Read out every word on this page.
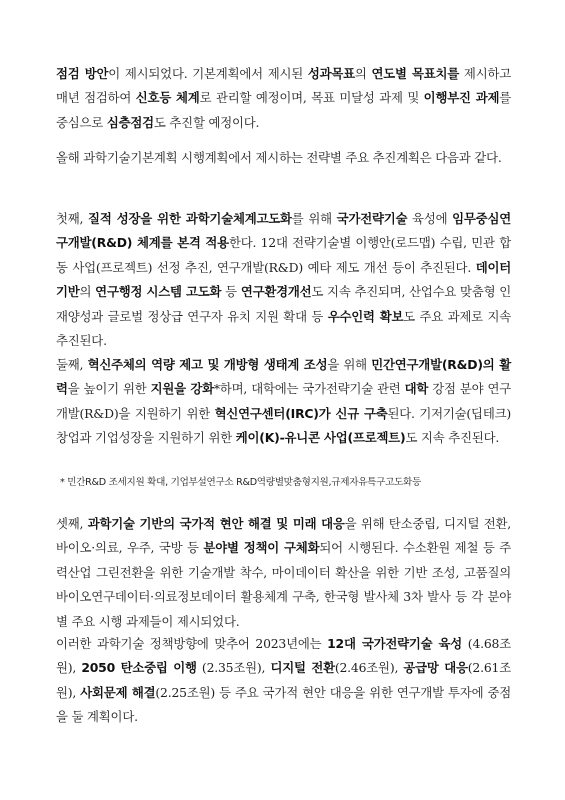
점검 방안이 제시되었다. 기본계획에서 제시된 성과목표의 연도별 목표치를 제시하고 매년 점검하여 신호등 체계로 관리할 예정이며, 목표 미달성 과제 및 이행부진 과제를 중심으로 심층점검도 추진할 예정이다.

올해 과학기술기본계획 시행계획에서 제시하는 전략별 주요 추진계획은 다음과 같다.

첫째, 질적 성장을 위한 과학기술체계고도화를 위해 국가전략기술 육성에 임무중심연구개발(R&D) 체계를 본격 적용한다. 12대 전략기술별 이행안(로드맵) 수립, 민관 합동 사업(프로젝트) 선정 추진, 연구개발(R&D) 예타 제도 개선 등이 추진된다. 데이터기반의 연구행정 시스템 고도화 등 연구환경개선도 지속 추진되며, 산업수요 맞춤형 인재양성과 글로벌 정상급 연구자 유치 지원 확대 등 우수인력 확보도 주요 과제로 지속 추진된다.

둘째, 혁신주체의 역량 제고 및 개방형 생태계 조성을 위해 민간연구개발(R&D)의 활력을 높이기 위한 지원을 강화*하며, 대학에는 국가전략기술 관련 대학 강점 분야 연구개발(R&D)을 지원하기 위한 혁신연구센터(IRC)가 신규 구축된다. 기저기술(딥테크) 창업과 기업성장을 지원하기 위한 케이(K)-유니콘 사업(프로젝트)도 지속 추진된다.

* 민간R&D 조세지원 확대, 기업부설연구소 R&D역량별맞춤형지원,규제자유특구고도화등

셋째, 과학기술 기반의 국가적 현안 해결 및 미래 대응을 위해 탄소중립, 디지털 전환, 바이오·의료, 우주, 국방 등 분야별 정책이 구체화되어 시행된다. 수소환원 제철 등 주력산업 그린전환을 위한 기술개발 착수, 마이데이터 확산을 위한 기반 조성, 고품질의 바이오연구데이터·의료정보데이터 활용체계 구축, 한국형 발사체 3차 발사 등 각 분야별 주요 시행 과제들이 제시되었다.

이러한 과학기술 정책방향에 맞추어 2023년에는 12대 국가전략기술 육성 (4.68조원), 2050 탄소중립 이행 (2.35조원), 디지털 전환(2.46조원), 공급망 대응(2.61조원), 사회문제 해결(2.25조원) 등 주요 국가적 현안 대응을 위한 연구개발 투자에 중점을 둘 계획이다.
